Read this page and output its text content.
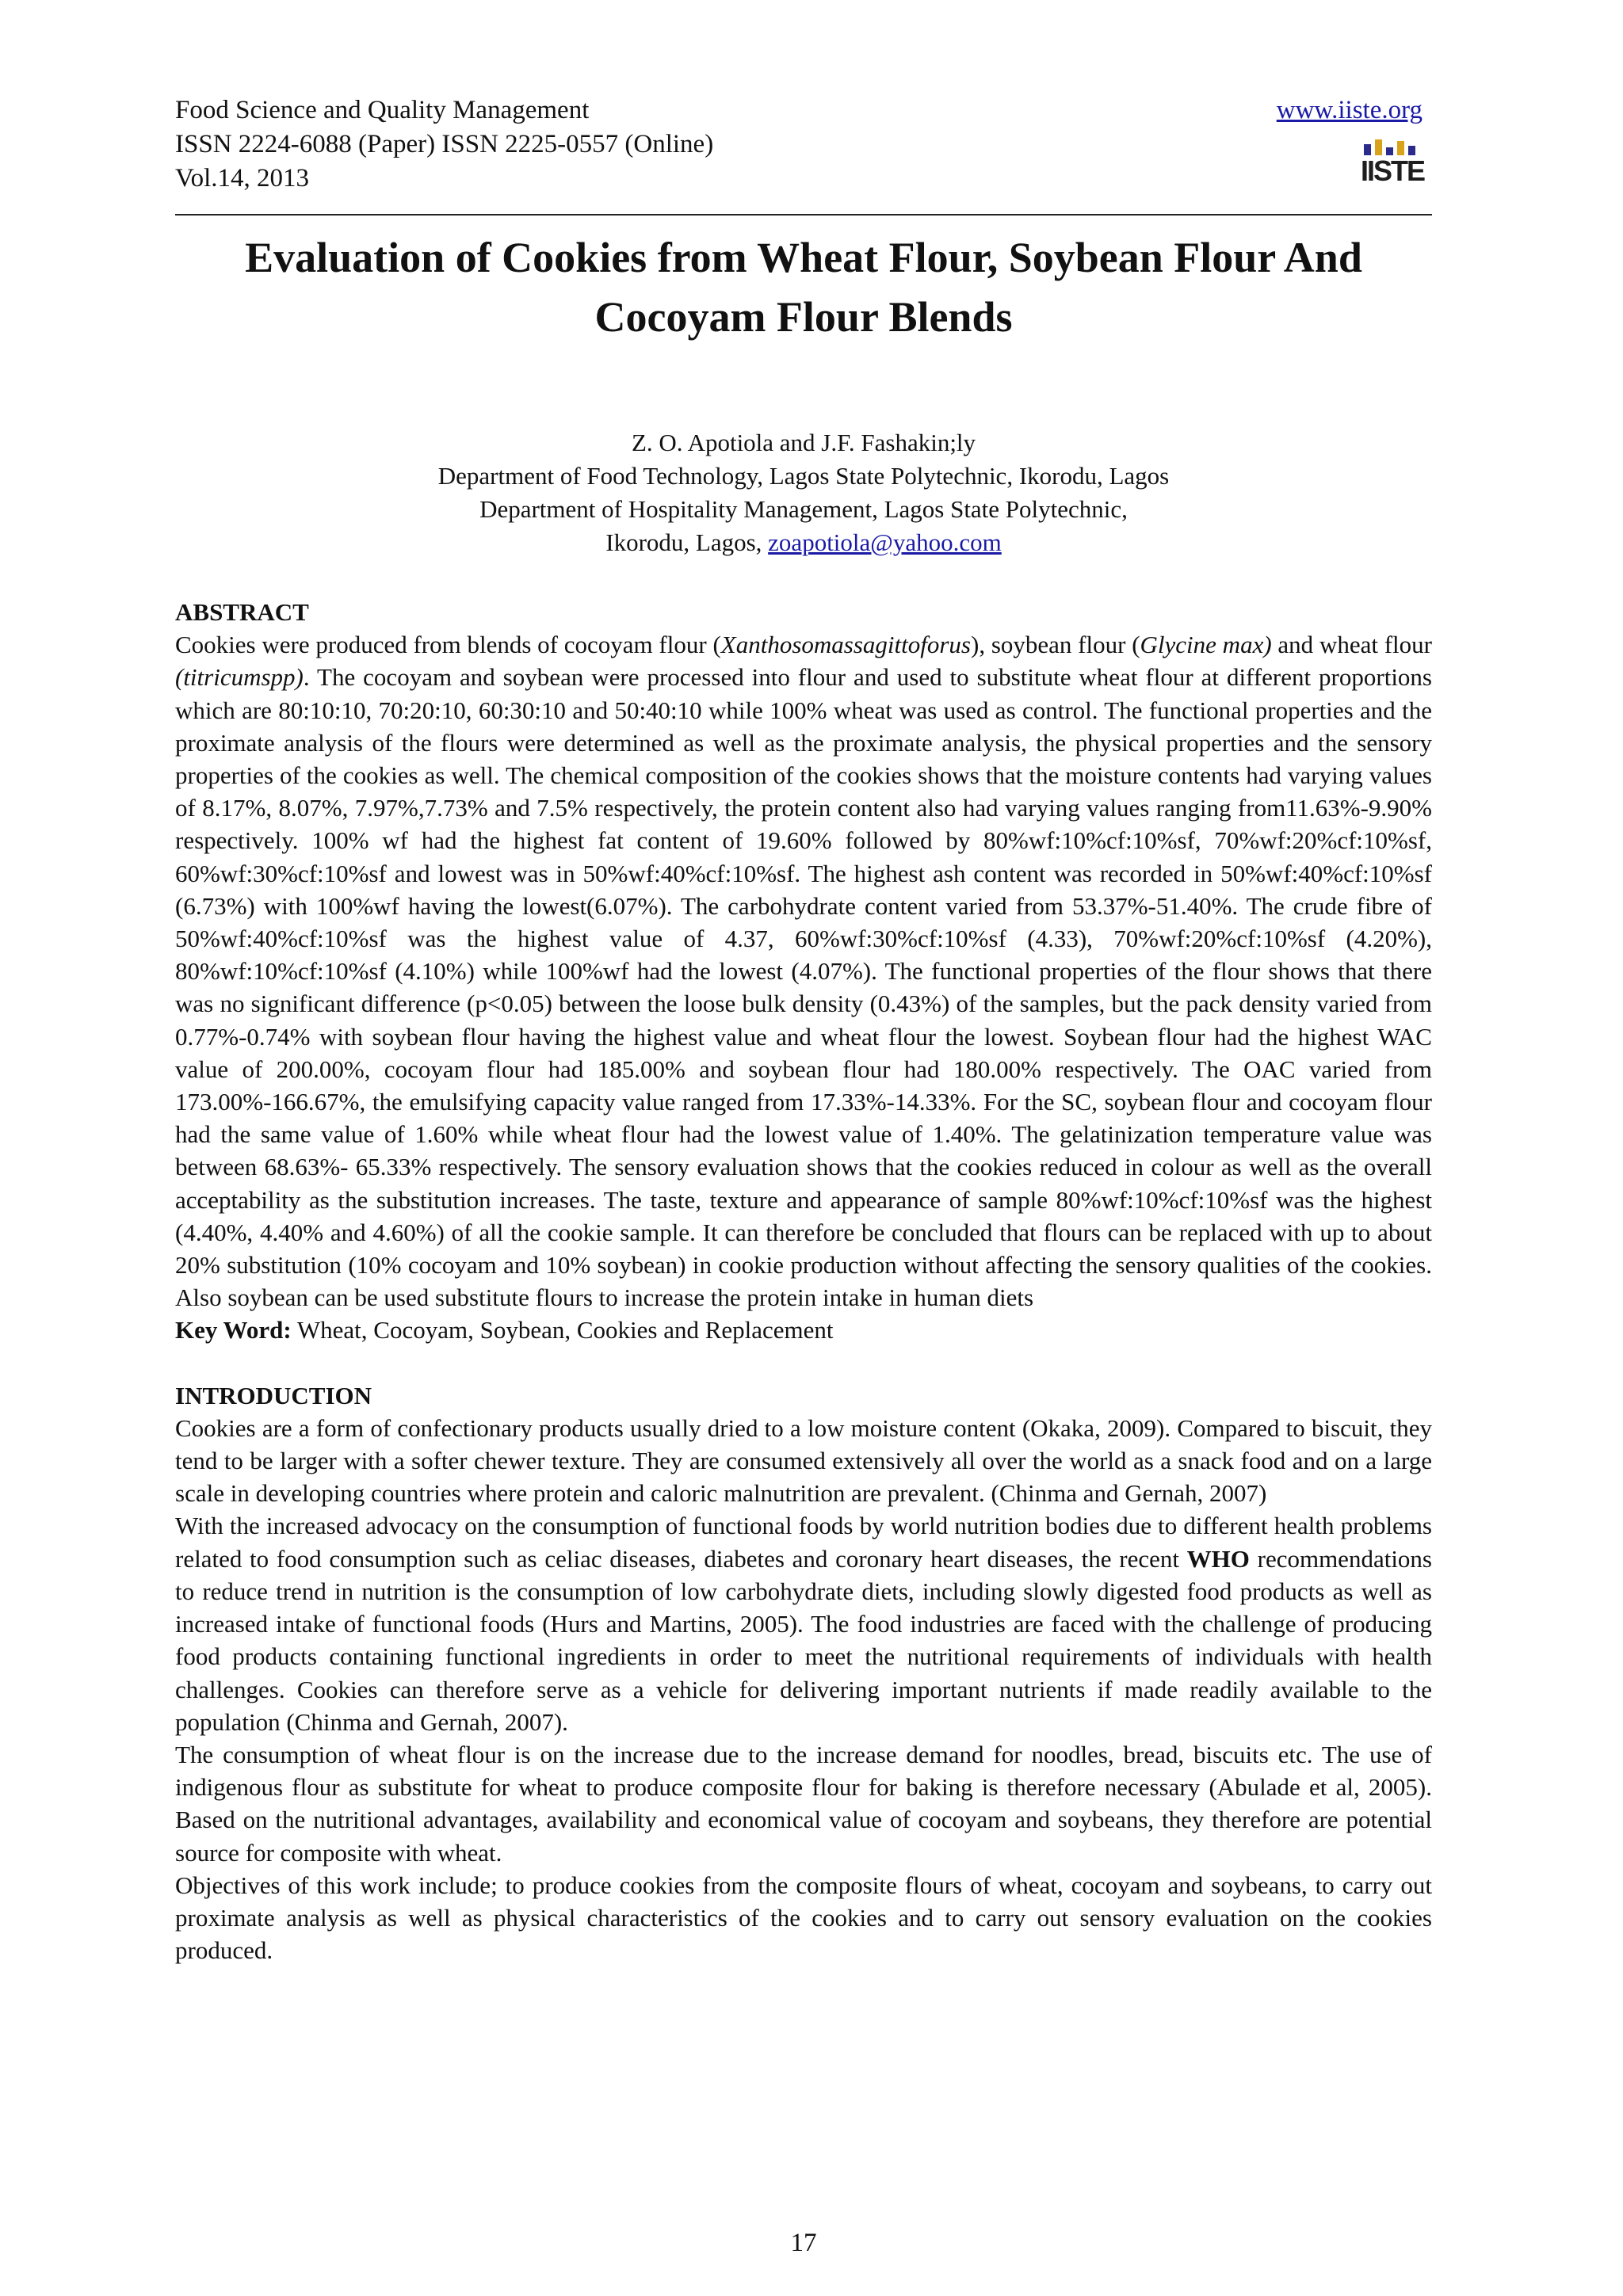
Food Science and Quality Management
ISSN 2224-6088 (Paper) ISSN 2225-0557 (Online)
Vol.14, 2013
www.iiste.org
IISTE
Evaluation of Cookies from Wheat Flour, Soybean Flour And Cocoyam Flour Blends
Z. O. Apotiola and J.F. Fashakin;ly
Department of Food Technology, Lagos State Polytechnic, Ikorodu, Lagos
Department of Hospitality Management, Lagos State Polytechnic,
Ikorodu, Lagos, zoapotiola@yahoo.com
ABSTRACT
Cookies were produced from blends of cocoyam flour (Xanthosomassagittoforus), soybean flour (Glycine max) and wheat flour (titricumspp). The cocoyam and soybean were processed into flour and used to substitute wheat flour at different proportions which are 80:10:10, 70:20:10, 60:30:10 and 50:40:10 while 100% wheat was used as control. The functional properties and the proximate analysis of the flours were determined as well as the proximate analysis, the physical properties and the sensory properties of the cookies as well. The chemical composition of the cookies shows that the moisture contents had varying values of 8.17%, 8.07%, 7.97%,7.73% and 7.5% respectively, the protein content also had varying values ranging from11.63%-9.90% respectively. 100% wf had the highest fat content of 19.60% followed by 80%wf:10%cf:10%sf, 70%wf:20%cf:10%sf, 60%wf:30%cf:10%sf and lowest was in 50%wf:40%cf:10%sf. The highest ash content was recorded in 50%wf:40%cf:10%sf (6.73%) with 100%wf having the lowest(6.07%). The carbohydrate content varied from 53.37%-51.40%. The crude fibre of 50%wf:40%cf:10%sf was the highest value of 4.37, 60%wf:30%cf:10%sf (4.33), 70%wf:20%cf:10%sf (4.20%), 80%wf:10%cf:10%sf (4.10%) while 100%wf had the lowest (4.07%). The functional properties of the flour shows that there was no significant difference (p<0.05) between the loose bulk density (0.43%) of the samples, but the pack density varied from 0.77%-0.74% with soybean flour having the highest value and wheat flour the lowest. Soybean flour had the highest WAC value of 200.00%, cocoyam flour had 185.00% and soybean flour had 180.00% respectively. The OAC varied from 173.00%-166.67%, the emulsifying capacity value ranged from 17.33%-14.33%. For the SC, soybean flour and cocoyam flour had the same value of 1.60% while wheat flour had the lowest value of 1.40%. The gelatinization temperature value was between 68.63%- 65.33% respectively. The sensory evaluation shows that the cookies reduced in colour as well as the overall acceptability as the substitution increases. The taste, texture and appearance of sample 80%wf:10%cf:10%sf was the highest (4.40%, 4.40% and 4.60%) of all the cookie sample. It can therefore be concluded that flours can be replaced with up to about 20% substitution (10% cocoyam and 10% soybean) in cookie production without affecting the sensory qualities of the cookies. Also soybean can be used substitute flours to increase the protein intake in human diets
Key Word: Wheat, Cocoyam, Soybean, Cookies and Replacement
INTRODUCTION
Cookies are a form of confectionary products usually dried to a low moisture content (Okaka, 2009). Compared to biscuit, they tend to be larger with a softer chewer texture. They are consumed extensively all over the world as a snack food and on a large scale in developing countries where protein and caloric malnutrition are prevalent. (Chinma and Gernah, 2007)
With the increased advocacy on the consumption of functional foods by world nutrition bodies due to different health problems related to food consumption such as celiac diseases, diabetes and coronary heart diseases, the recent WHO recommendations to reduce trend in nutrition is the consumption of low carbohydrate diets, including slowly digested food products as well as increased intake of functional foods (Hurs and Martins, 2005). The food industries are faced with the challenge of producing food products containing functional ingredients in order to meet the nutritional requirements of individuals with health challenges. Cookies can therefore serve as a vehicle for delivering important nutrients if made readily available to the population (Chinma and Gernah, 2007).
The consumption of wheat flour is on the increase due to the increase demand for noodles, bread, biscuits etc. The use of indigenous flour as substitute for wheat to produce composite flour for baking is therefore necessary (Abulade et al, 2005). Based on the nutritional advantages, availability and economical value of cocoyam and soybeans, they therefore are potential source for composite with wheat.
Objectives of this work include; to produce cookies from the composite flours of wheat, cocoyam and soybeans, to carry out proximate analysis as well as physical characteristics of the cookies and to carry out sensory evaluation on the cookies produced.
17
